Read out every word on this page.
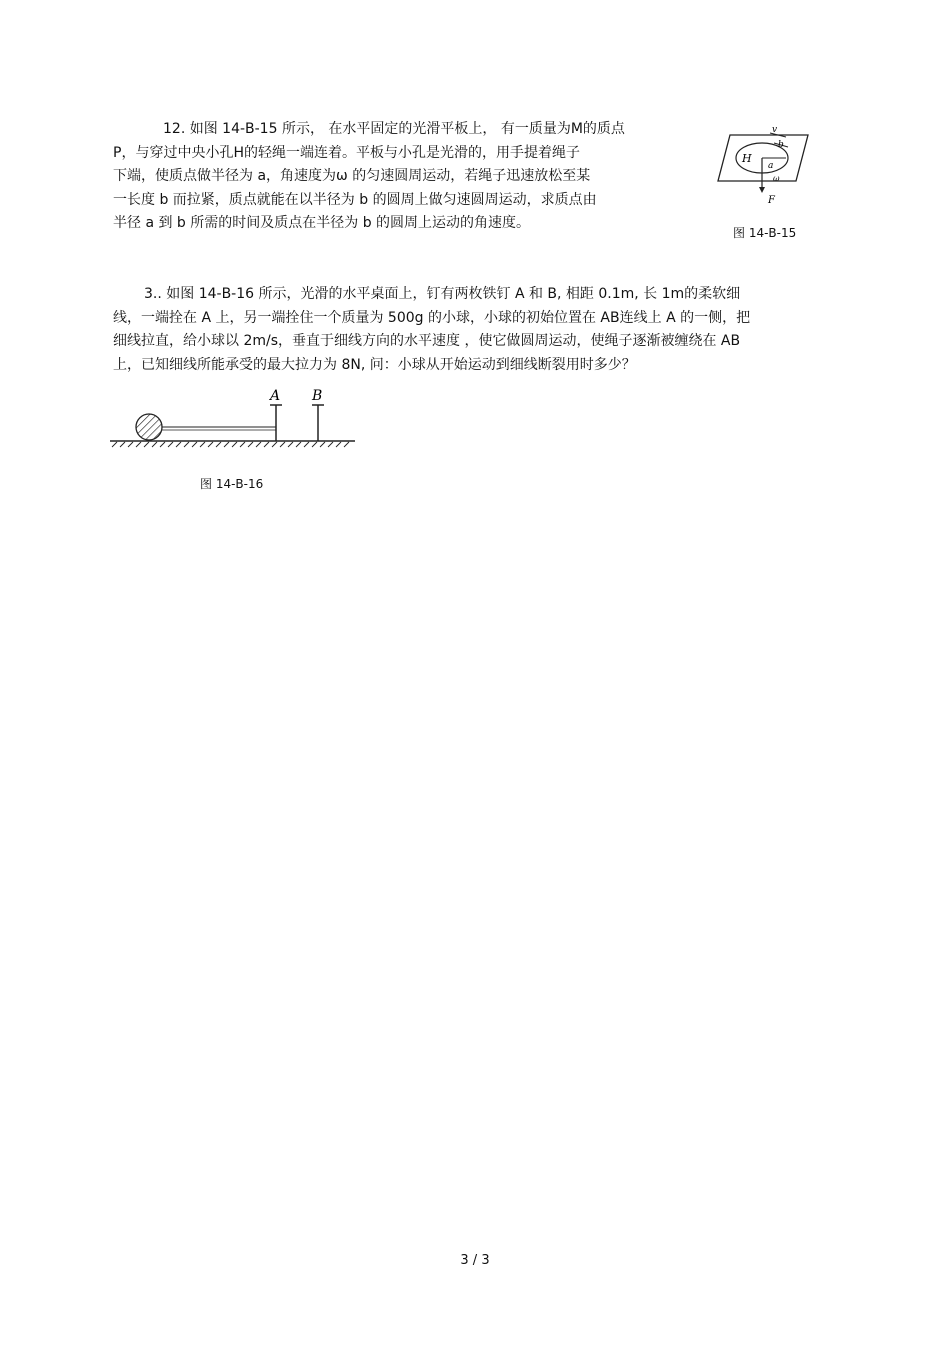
12. 如图 14-B-15 所示， 在水平固定的光滑平板上， 有一质量为M的质点
P，与穿过中央小孔H的轻绳一端连着。平板与小孔是光滑的，用手提着绳子
下端，使质点做半径为 a，角速度为ω 的匀速圆周运动，若绳子迅速放松至某
一长度 b 而拉紧，质点就能在以半径为 b 的圆周上做匀速圆周运动，求质点由
半径 a 到 b 所需的时间及质点在半径为 b 的圆周上运动的角速度。
v
b
H
a
ω
F
图 14-B-15
3.. 如图 14-B-16 所示，光滑的水平桌面上，钉有两枚铁钉 A 和 B, 相距 0.1m, 长 1m的柔软细
线，一端拴在 A 上，另一端拴住一个质量为 500g 的小球，小球的初始位置在 AB连线上 A 的一侧，把
细线拉直，给小球以 2m/s，垂直于细线方向的水平速度 ，使它做圆周运动，使绳子逐渐被缠绕在 AB
上，已知细线所能承受的最大拉力为 8N, 问：小球从开始运动到细线断裂用时多少？
A B
图 14-B-16
3 / 3
